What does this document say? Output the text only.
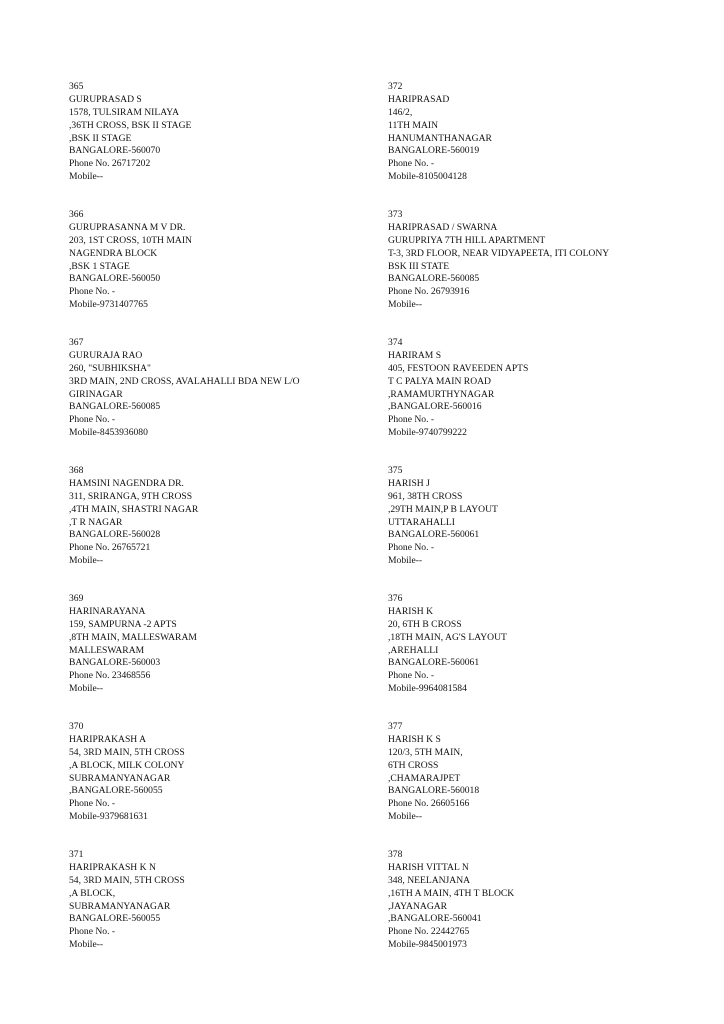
365
GURUPRASAD S
1578, TULSIRAM NILAYA
,36TH CROSS, BSK II STAGE
,BSK II STAGE
BANGALORE-560070
Phone No. 26717202
Mobile--
366
GURUPRASANNA M V DR.
203, 1ST CROSS, 10TH MAIN
NAGENDRA BLOCK
,BSK 1 STAGE
BANGALORE-560050
Phone No. -
Mobile-9731407765
367
GURURAJA RAO
260, "SUBHIKSHA"
3RD MAIN, 2ND CROSS, AVALAHALLI BDA NEW L/O
GIRINAGAR
BANGALORE-560085
Phone No. -
Mobile-8453936080
368
HAMSINI NAGENDRA DR.
311, SRIRANGA, 9TH CROSS
,4TH MAIN, SHASTRI NAGAR
,T R NAGAR
BANGALORE-560028
Phone No. 26765721
Mobile--
369
HARINARAYANA
159, SAMPURNA -2 APTS
,8TH MAIN, MALLESWARAM
MALLESWARAM
BANGALORE-560003
Phone No. 23468556
Mobile--
370
HARIPRAKASH A
54, 3RD MAIN, 5TH CROSS
,A BLOCK, MILK COLONY
SUBRAMANYANAGAR
,BANGALORE-560055
Phone No. -
Mobile-9379681631
371
HARIPRAKASH K N
54, 3RD MAIN, 5TH CROSS
,A BLOCK,
SUBRAMANYANAGAR
BANGALORE-560055
Phone No. -
Mobile--
372
HARIPRASAD
146/2,
11TH MAIN
HANUMANTHANAGAR
BANGALORE-560019
Phone No. -
Mobile-8105004128
373
HARIPRASAD / SWARNA
GURUPRIYA 7TH HILL APARTMENT
T-3, 3RD FLOOR, NEAR VIDYAPEETA, ITI COLONY
BSK III STATE
BANGALORE-560085
Phone No. 26793916
Mobile--
374
HARIRAM S
405, FESTOON RAVEEDEN APTS
T C PALYA MAIN ROAD
,RAMAMURTHYNAGAR
,BANGALORE-560016
Phone No. -
Mobile-9740799222
375
HARISH J
961, 38TH CROSS
,29TH MAIN,P B LAYOUT
UTTARAHALLI
BANGALORE-560061
Phone No. -
Mobile--
376
HARISH K
20, 6TH B CROSS
,18TH MAIN, AG'S LAYOUT
,AREHALLI
BANGALORE-560061
Phone No. -
Mobile-9964081584
377
HARISH K S
120/3, 5TH MAIN,
6TH CROSS
,CHAMARAJPET
BANGALORE-560018
Phone No. 26605166
Mobile--
378
HARISH VITTAL N
348, NEELANJANA
,16TH A MAIN, 4TH T BLOCK
,JAYANAGAR
,BANGALORE-560041
Phone No. 22442765
Mobile-9845001973
